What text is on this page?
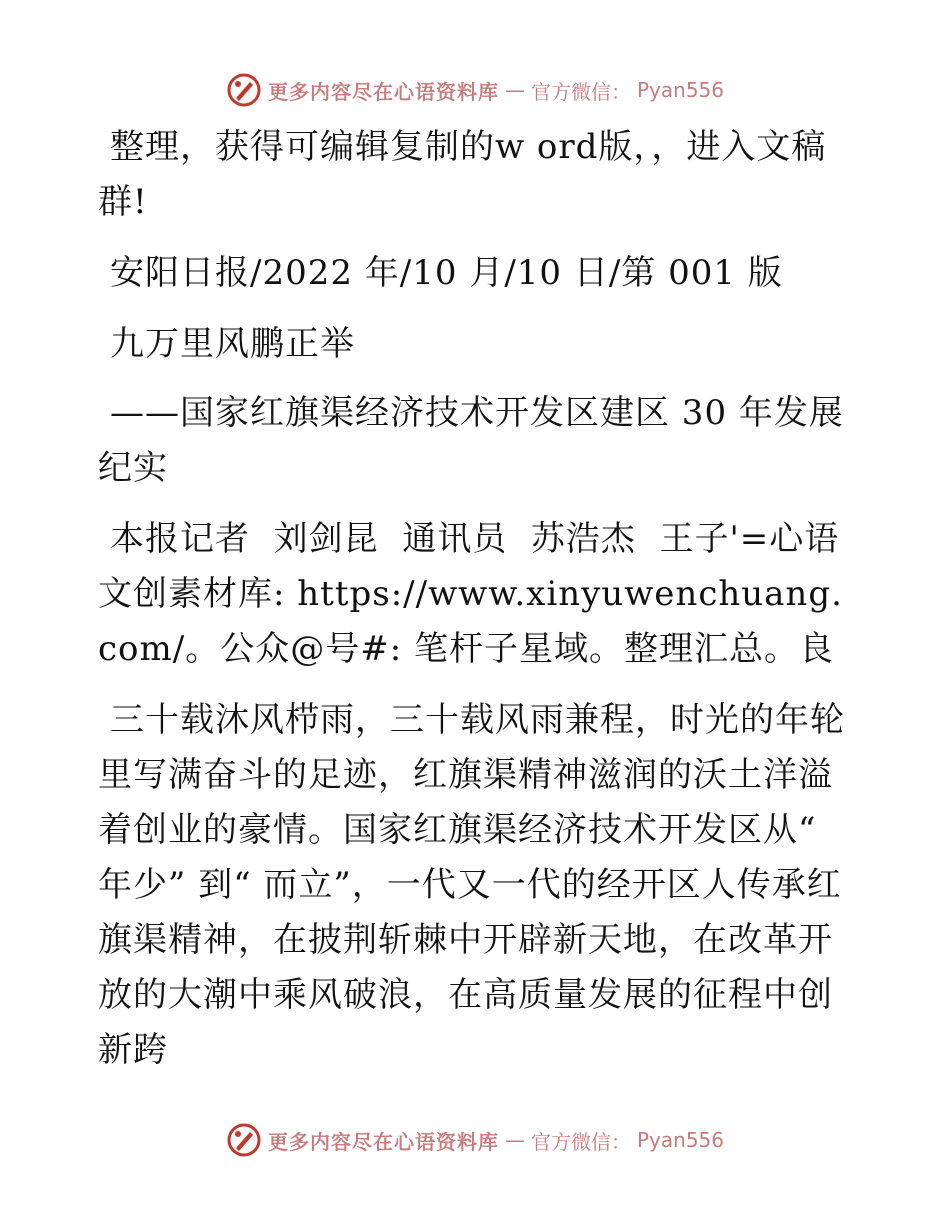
更多内容尽在心语资料库 — 官方微信： Pyan556

整理，获得可编辑复制的w ord版，，进入文稿群!

安阳日报/2022 年/10 月/10 日/第 001 版

九万里风鹏正举

——国家红旗渠经济技术开发区建区 30 年发展纪实

本报记者  刘剑昆  通讯员  苏浩杰  王子'=心语文创素材库: https://www.xinyuwenchuang.com/。公众@号#: 笔杆子星域。整理汇总。良

三十载沐风栉雨，三十载风雨兼程，时光的年轮里写满奋斗的足迹，红旗渠精神滋润的沃土洋溢着创业的豪情。国家红旗渠经济技术开发区从“ 年少” 到“ 而立”，一代又一代的经开区人传承红旗渠精神，在披荆斩棘中开辟新天地，在改革开放的大潮中乘风破浪，在高质量发展的征程中创新跨

更多内容尽在心语资料库 — 官方微信： Pyan556
